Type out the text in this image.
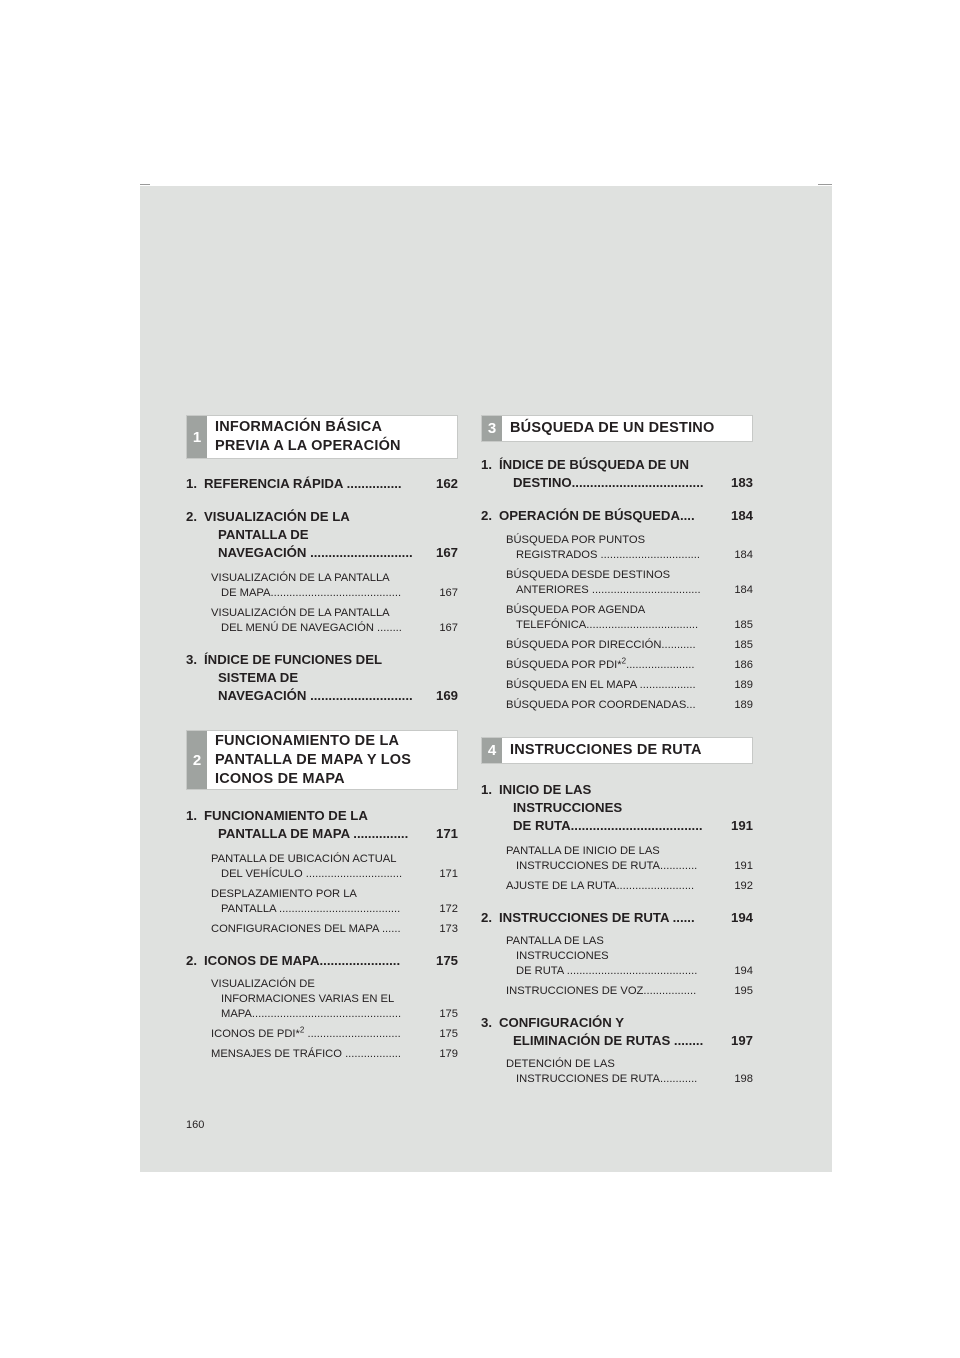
1
INFORMACIÓN BÁSICA
PREVIA A LA OPERACIÓN
1. REFERENCIA RÁPIDA ...............	162
2. VISUALIZACIÓN DE LA
PANTALLA DE
NAVEGACIÓN ............................ 167
VISUALIZACIÓN DE LA PANTALLA
DE MAPA..........................................	167
VISUALIZACIÓN DE LA PANTALLA
DEL MENÚ DE NAVEGACIÓN ........	167
3. ÍNDICE DE FUNCIONES DEL
SISTEMA DE
NAVEGACIÓN ............................ 169
2
FUNCIONAMIENTO DE LA
PANTALLA DE MAPA Y LOS
ICONOS DE MAPA
1. FUNCIONAMIENTO DE LA
PANTALLA DE MAPA ............... 171
PANTALLA DE UBICACIÓN ACTUAL
DEL VEHÍCULO ...............................	171
DESPLAZAMIENTO POR LA
PANTALLA .......................................	172
CONFIGURACIONES DEL MAPA ......	173
2. ICONOS DE MAPA......................	175
VISUALIZACIÓN DE
INFORMACIONES VARIAS EN EL
MAPA................................................	175
ICONOS DE PDI*$^2$ ..............................	175
MENSAJES DE TRÁFICO ..................	179
3 BÚSQUEDA DE UN DESTINO
1. ÍNDICE DE BÚSQUEDA DE UN
DESTINO.................................... 183
2. OPERACIÓN DE BÚSQUEDA....	184
BÚSQUEDA POR PUNTOS
REGISTRADOS ................................	184
BÚSQUEDA DESDE DESTINOS
ANTERIORES ...................................	184
BÚSQUEDA POR AGENDA
TELEFÓNICA....................................	185
BÚSQUEDA POR DIRECCIÓN...........	185
BÚSQUEDA POR PDI*$^2$......................	186
BÚSQUEDA EN EL MAPA ..................	189
BÚSQUEDA POR COORDENADAS...	189
4 INSTRUCCIONES DE RUTA
1. INICIO DE LAS
INSTRUCCIONES
DE RUTA.................................... 191
PANTALLA DE INICIO DE LAS
INSTRUCCIONES DE RUTA............	191
AJUSTE DE LA RUTA.........................	192
2. INSTRUCCIONES DE RUTA ......	194
PANTALLA DE LAS
INSTRUCCIONES
DE RUTA ..........................................	194
INSTRUCCIONES DE VOZ.................	195
3. CONFIGURACIÓN Y
ELIMINACIÓN DE RUTAS ........ 197
DETENCIÓN DE LAS
INSTRUCCIONES DE RUTA............	198
160
